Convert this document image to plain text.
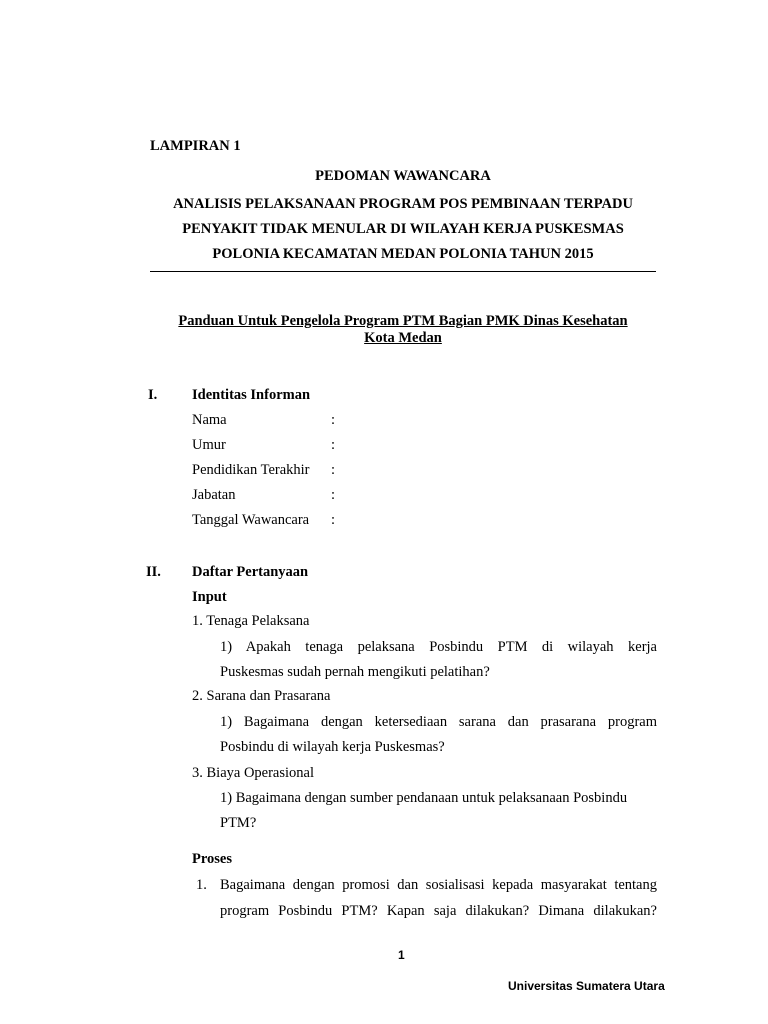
LAMPIRAN 1
PEDOMAN WAWANCARA
ANALISIS PELAKSANAAN PROGRAM POS PEMBINAAN TERPADU
PENYAKIT TIDAK MENULAR DI WILAYAH KERJA PUSKESMAS
POLONIA KECAMATAN MEDAN POLONIA TAHUN 2015
Panduan Untuk Pengelola Program PTM Bagian PMK Dinas Kesehatan
Kota Medan
I. Identitas Informan
Nama	:
Umur	:
Pendidikan Terakhir :
Jabatan	:
Tanggal Wawancara :
II. Daftar Pertanyaan
Input
1. Tenaga Pelaksana
1) Apakah tenaga pelaksana Posbindu PTM di wilayah kerja
Puskesmas sudah pernah mengikuti pelatihan?
2. Sarana dan Prasarana
1) Bagaimana dengan ketersediaan sarana dan prasarana program
Posbindu di wilayah kerja Puskesmas?
3. Biaya Operasional
1) Bagaimana dengan sumber pendanaan untuk pelaksanaan Posbindu
PTM?
Proses
1. Bagaimana dengan promosi dan sosialisasi kepada masyarakat tentang
program Posbindu PTM? Kapan saja dilakukan? Dimana dilakukan?
1
Universitas Sumatera Utara
